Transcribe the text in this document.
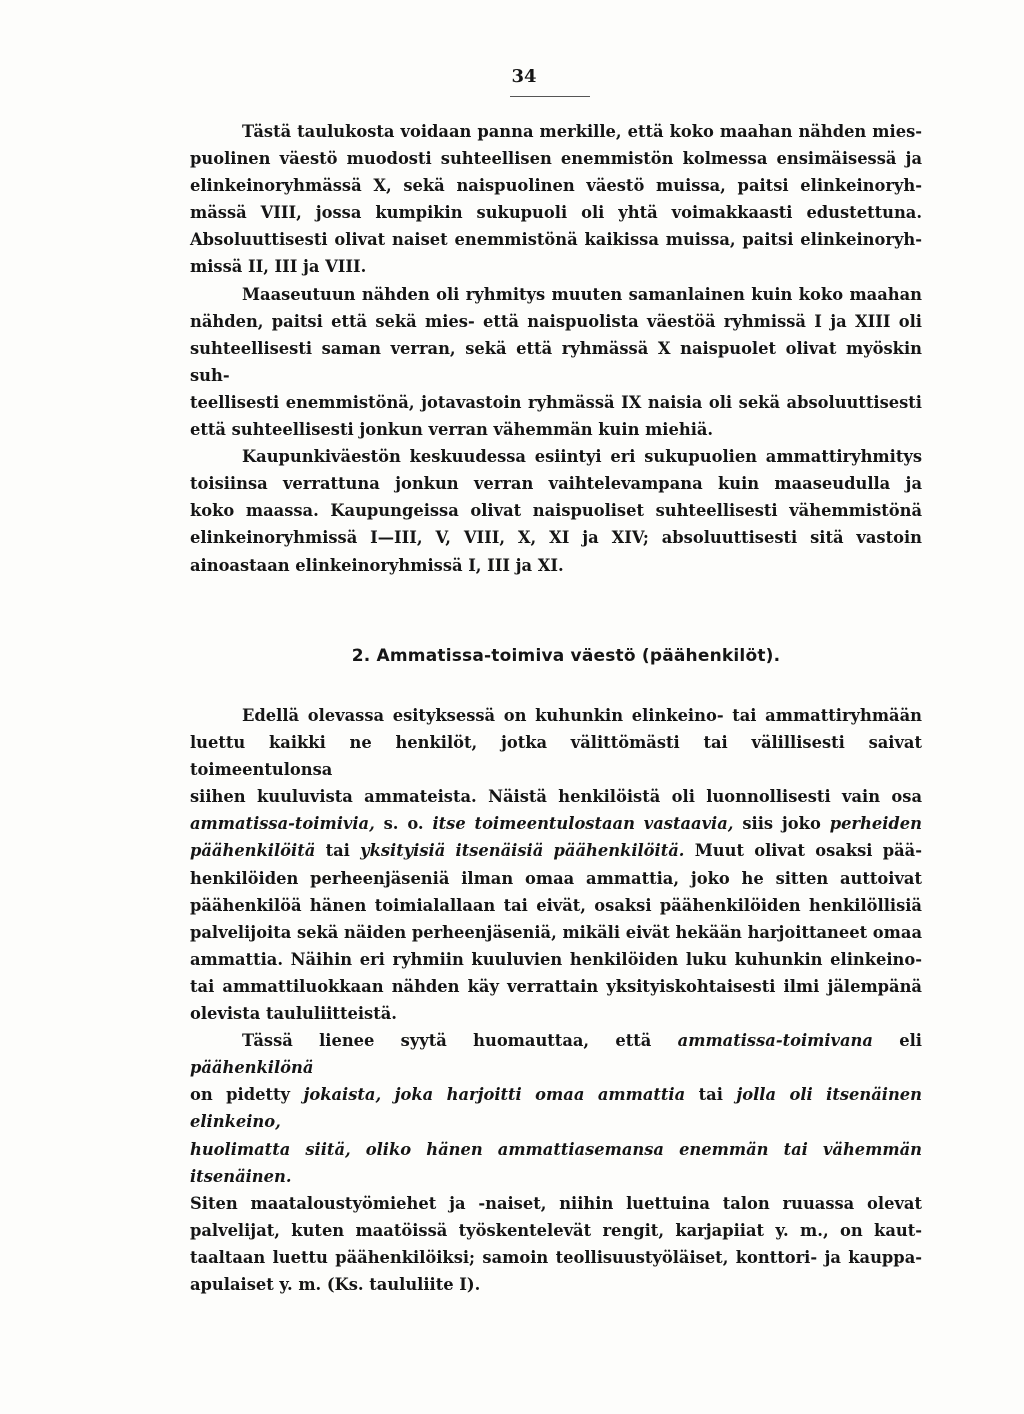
34

Tästä taulukosta voidaan panna merkille, että koko maahan nähden mies-
puolinen väestö muodosti suhteellisen enemmistön kolmessa ensimäisessä ja
elinkeinoryhmässä X, sekä naispuolinen väestö muissa, paitsi elinkeinoryh-
mässä VIII, jossa kumpikin sukupuoli oli yhtä voimakkaasti edustettuna.
Absoluuttisesti olivat naiset enemmistönä kaikissa muissa, paitsi elinkeinoryh-
missä II, III ja VIII.

Maaseutuun nähden oli ryhmitys muuten samanlainen kuin koko maahan
nähden, paitsi että sekä mies- että naispuolista väestöä ryhmissä I ja XIII oli
suhteellisesti saman verran, sekä että ryhmässä X naispuolet olivat myöskin suh-
teellisesti enemmistönä, jotavastoin ryhmässä IX naisia oli sekä absoluuttisesti
että suhteellisesti jonkun verran vähemmän kuin miehiä.

Kaupunkiväestön keskuudessa esiintyi eri sukupuolien ammattiryhmitys
toisiinsa verrattuna jonkun verran vaihtelevampana kuin maaseudulla ja
koko maassa. Kaupungeissa olivat naispuoliset suhteellisesti vähemmistönä
elinkeinoryhmissä I—III, V, VIII, X, XI ja XIV; absoluuttisesti sitä vastoin
ainoastaan elinkeinoryhmissä I, III ja XI.

2. Ammatissa-toimiva väestö (päähenkilöt).

Edellä olevassa esityksessä on kuhunkin elinkeino- tai ammattiryhmään
luettu kaikki ne henkilöt, jotka välittömästi tai välillisesti saivat toimeentulonsa
siihen kuuluvista ammateista. Näistä henkilöistä oli luonnollisesti vain osa
ammatissa-toimivia, s. o. itse toimeentulostaan vastaavia, siis joko perheiden
päähenkilöitä tai yksityisiä itsenäisiä päähenkilöitä. Muut olivat osaksi pää-
henkilöiden perheenjäseniä ilman omaa ammattia, joko he sitten auttoivat
päähenkilöä hänen toimialallaan tai eivät, osaksi päähenkilöiden henkilöllisiä
palvelijoita sekä näiden perheenjäseniä, mikäli eivät hekään harjoittaneet omaa
ammattia. Näihin eri ryhmiin kuuluvien henkilöiden luku kuhunkin elinkeino-
tai ammattiluokkaan nähden käy verrattain yksityiskohtaisesti ilmi jälempänä
olevista taululiitteistä.

Tässä lienee syytä huomauttaa, että ammatissa-toimivana eli päähenkilönä
on pidetty jokaista, joka harjoitti omaa ammattia tai jolla oli itsenäinen elinkeino,
huolimatta siitä, oliko hänen ammattiasemansa enemmän tai vähemmän itsenäinen.
Siten maataloustyömiehet ja -naiset, niihin luettuina talon ruuassa olevat
palvelijat, kuten maatöissä työskentelevät rengit, karjapiiat y. m., on kaut-
taaltaan luettu päähenkilöiksi; samoin teollisuustyöläiset, konttori- ja kauppa-
apulaiset y. m. (Ks. taululiite I).
